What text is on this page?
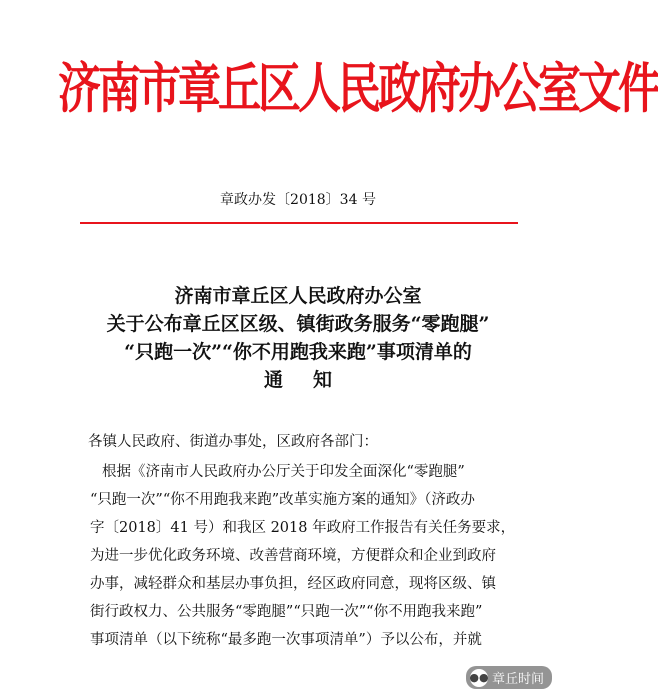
济南市章丘区人民政府办公室文件
章政办发〔2018〕34 号
济南市章丘区人民政府办公室
关于公布章丘区区级、镇街政务服务“零跑腿”
“只跑一次”“你不用跑我来跑”事项清单的
通知
各镇人民政府、街道办事处，区政府各部门：
根据《济南市人民政府办公厅关于印发全面深化“零跑腿”
“只跑一次”“你不用跑我来跑”改革实施方案的通知》（济政办
字〔2018〕41 号）和我区 2018 年政府工作报告有关任务要求，
为进一步优化政务环境、改善营商环境，方便群众和企业到政府
办事，减轻群众和基层办事负担，经区政府同意，现将区级、镇
街行政权力、公共服务“零跑腿”“只跑一次”“你不用跑我来跑”
事项清单（以下统称“最多跑一次事项清单”）予以公布，并就
●● 章丘时间
